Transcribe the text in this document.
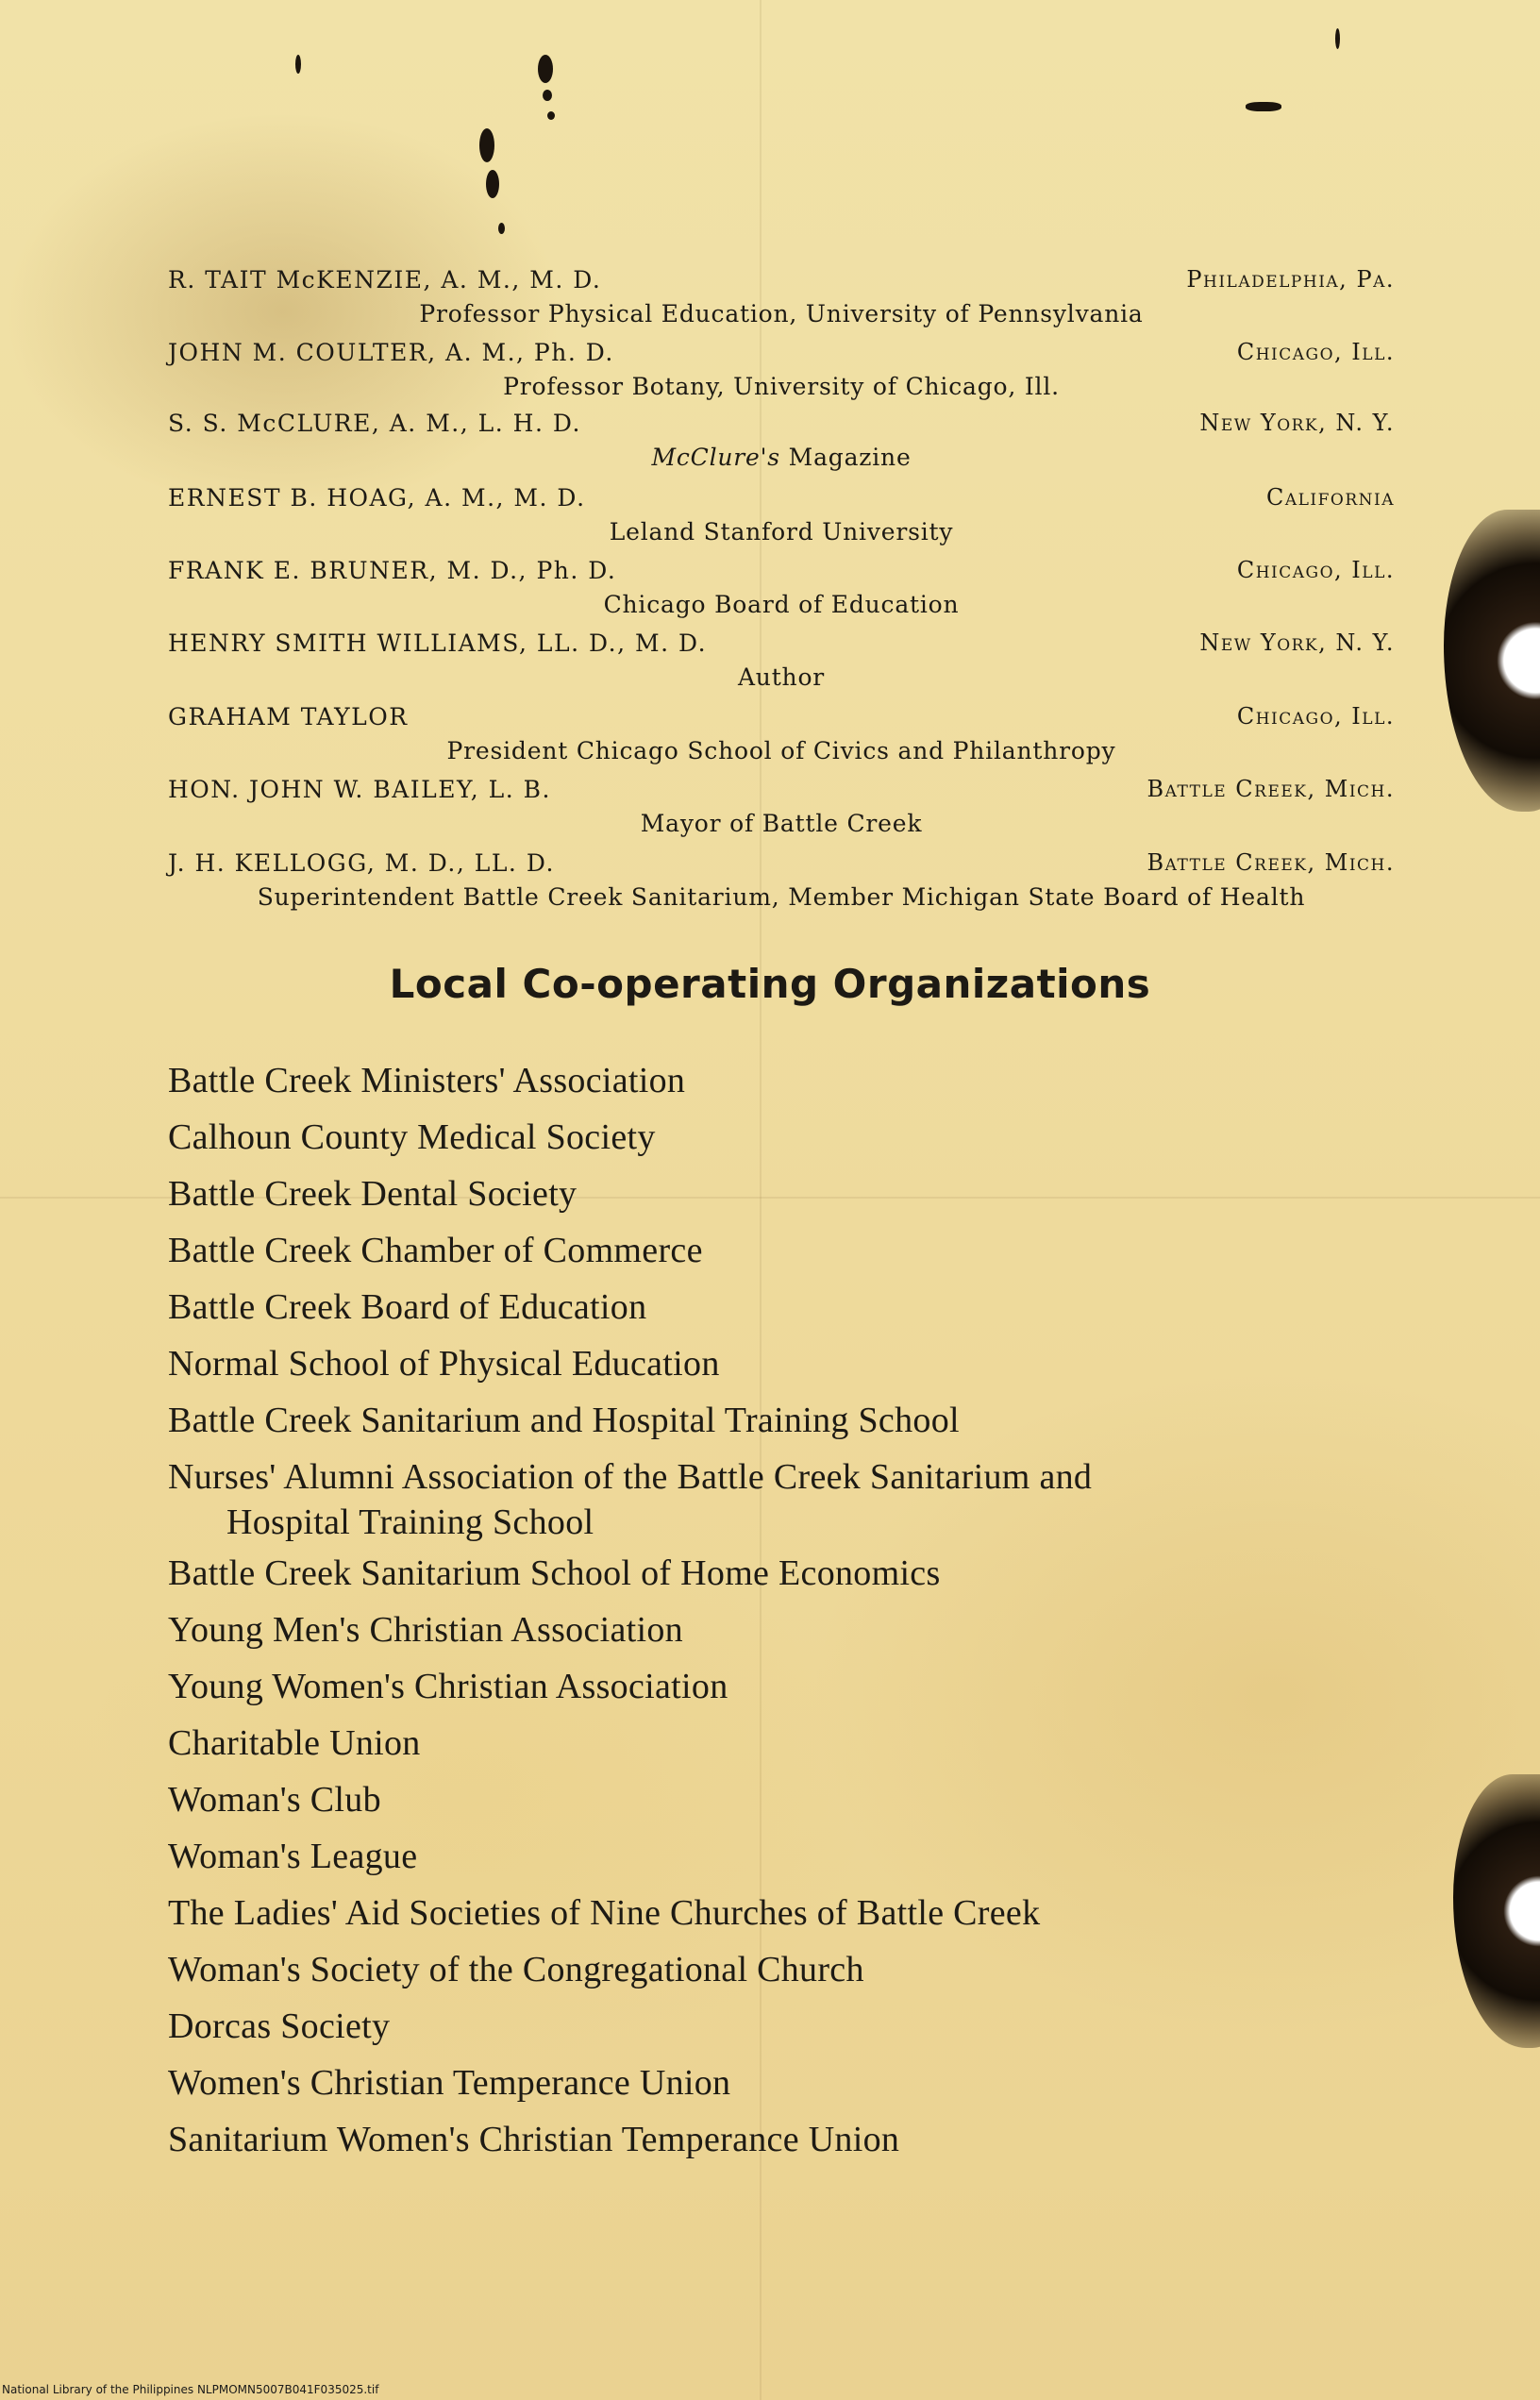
R. TAIT McKENZIE, A. M., M. D.	Philadelphia, Pa.
Professor Physical Education, University of Pennsylvania
JOHN M. COULTER, A. M., Ph. D.	Chicago, Ill.
Professor Botany, University of Chicago, Ill.
S. S. McCLURE, A. M., L. H. D.	New York, N. Y.
McClure's Magazine
ERNEST B. HOAG, A. M., M. D.	California
Leland Stanford University
FRANK E. BRUNER, M. D., Ph. D.	Chicago, Ill.
Chicago Board of Education
HENRY SMITH WILLIAMS, LL. D., M. D.	New York, N. Y.
Author
GRAHAM TAYLOR	Chicago, Ill.
President Chicago School of Civics and Philanthropy
HON. JOHN W. BAILEY, L. B.	Battle Creek, Mich.
Mayor of Battle Creek
J. H. KELLOGG, M. D., LL. D.	Battle Creek, Mich.
Superintendent Battle Creek Sanitarium, Member Michigan State Board of Health
Local Co-operating Organizations
Battle Creek Ministers' Association
Calhoun County Medical Society
Battle Creek Dental Society
Battle Creek Chamber of Commerce
Battle Creek Board of Education
Normal School of Physical Education
Battle Creek Sanitarium and Hospital Training School
Nurses' Alumni Association of the Battle Creek Sanitarium and
Hospital Training School
Battle Creek Sanitarium School of Home Economics
Young Men's Christian Association
Young Women's Christian Association
Charitable Union
Woman's Club
Woman's League
The Ladies' Aid Societies of Nine Churches of Battle Creek
Woman's Society of the Congregational Church
Dorcas Society
Women's Christian Temperance Union
Sanitarium Women's Christian Temperance Union
National Library of the Philippines NLPMOMN5007B041F035025.tif
